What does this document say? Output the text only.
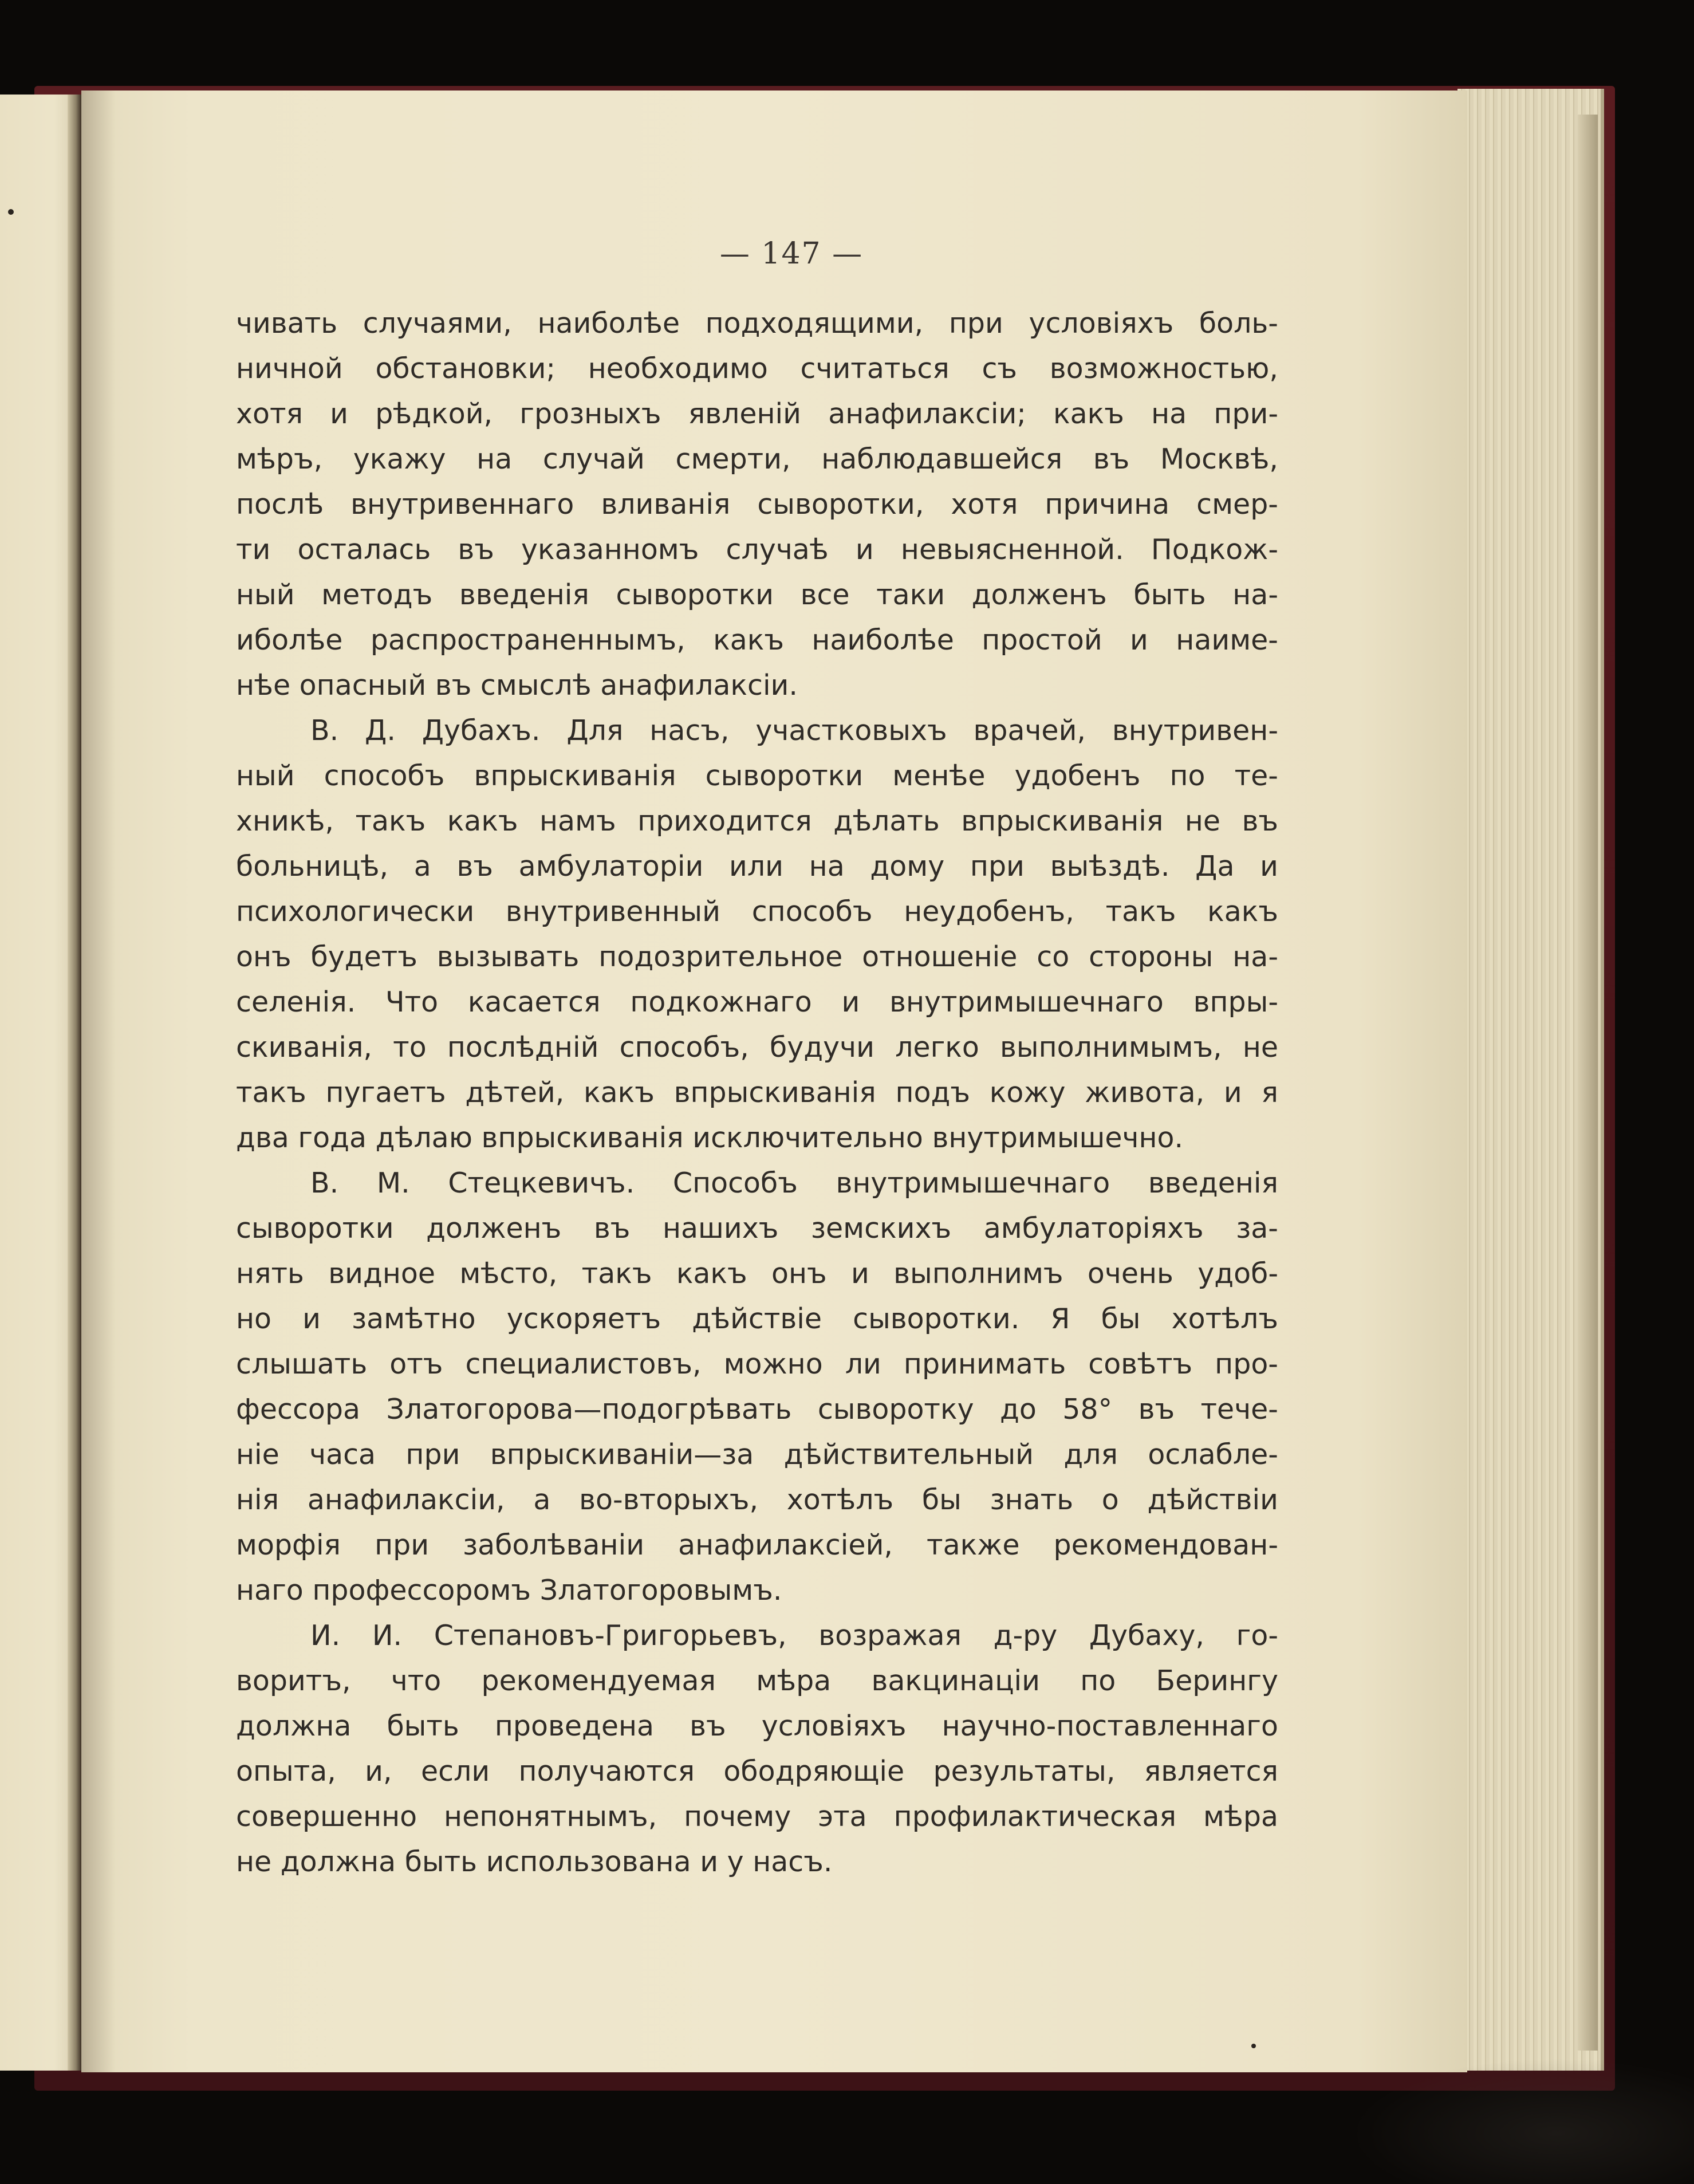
— 147 —

чивать случаями, наиболѣе подходящими, при условіяхъ боль-

ничной обстановки; необходимо считаться съ возможностью,

хотя и рѣдкой, грозныхъ явленій анафилаксіи; какъ на при-

мѣръ, укажу на случай смерти, наблюдавшейся въ Москвѣ,

послѣ внутривеннаго вливанія сыворотки, хотя причина смер-

ти осталась въ указанномъ случаѣ и невыясненной. Подкож-

ный методъ введенія сыворотки все таки долженъ быть на-

иболѣе распространеннымъ, какъ наиболѣе простой и наиме-

нѣе опасный въ смыслѣ анафилаксіи.

В. Д. Дубахъ. Для насъ, участковыхъ врачей, внутривен-

ный способъ впрыскиванія сыворотки менѣе удобенъ по те-

хникѣ, такъ какъ намъ приходится дѣлать впрыскиванія не въ

больницѣ, а въ амбулаторіи или на дому при выѣздѣ. Да и

психологически внутривенный способъ неудобенъ, такъ какъ

онъ будетъ вызывать подозрительное отношеніе со стороны на-

селенія. Что касается подкожнаго и внутримышечнаго впры-

скиванія, то послѣдній способъ, будучи легко выполнимымъ, не

такъ пугаетъ дѣтей, какъ впрыскиванія подъ кожу живота, и я

два года дѣлаю впрыскиванія исключительно внутримышечно.

В. М. Стецкевичъ. Способъ внутримышечнаго введенія

сыворотки долженъ въ нашихъ земскихъ амбулаторіяхъ за-

нять видное мѣсто, такъ какъ онъ и выполнимъ очень удоб-

но и замѣтно ускоряетъ дѣйствіе сыворотки. Я бы хотѣлъ

слышать отъ специалистовъ, можно ли принимать совѣтъ про-

фессора Златогорова—подогрѣвать сыворотку до 58° въ тече-

ніе часа при впрыскиваніи—за дѣйствительный для ослабле-

нія анафилаксіи, а во-вторыхъ, хотѣлъ бы знать о дѣйствіи

морфія при заболѣваніи анафилаксіей, также рекомендован-

наго профессоромъ Златогоровымъ.

И. И. Степановъ-Григорьевъ, возражая д-ру Дубаху, го-

воритъ, что рекомендуемая мѣра вакцинаціи по Берингу

должна быть проведена въ условіяхъ научно-поставленнаго

опыта, и, если получаются ободряющіе результаты, является

совершенно непонятнымъ, почему эта профилактическая мѣра

не должна быть использована и у насъ.
